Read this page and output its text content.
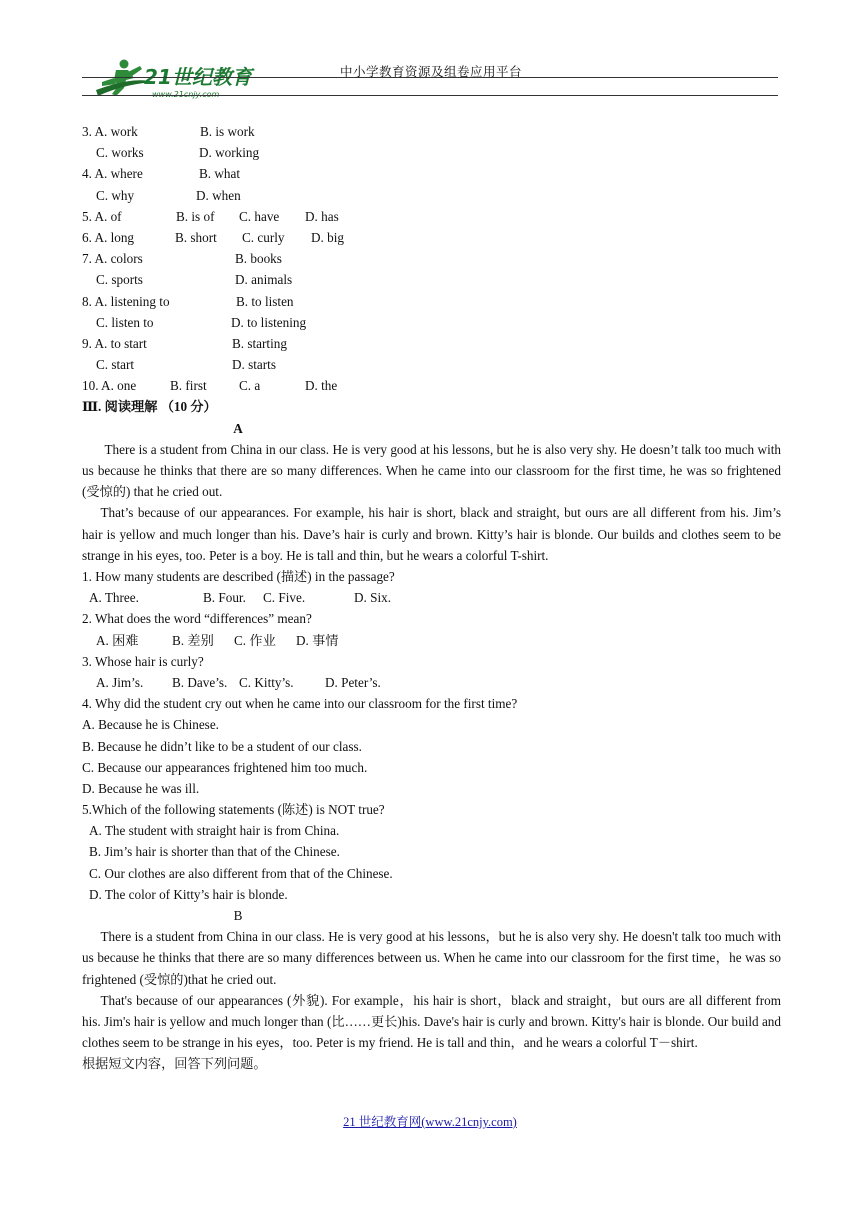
21世纪教育
www.21cnjy.com
中小学教育资源及组卷应用平台
3. A. work	B. is work
C. works	D. working
4. A. where	B. what
C. why	D. when
5. A. of	B. is of C. have D. has
6. A. long	B. short C. curly D. big
7. A. colors	B. books
C. sports	D. animals
8. A. listening to	B. to listen
C. listen to	D. to listening
9. A. to start	B. starting
C. start	D. starts
10. A. one	B. first C. a	D. the
Ⅲ. 阅读理解 （10 分）
A

There is a student from China in our class. He is very good at his lessons, but he is also very shy. He doesn’t talk too much with us because he thinks that there are so many differences. When he came into our classroom for the first time, he was so frightened (受惊的) that he cried out.

That’s because of our appearances. For example, his hair is short, black and straight, but ours are all different from his. Jim’s hair is yellow and much longer than his. Dave’s hair is curly and brown. Kitty’s hair is blonde. Our builds and clothes seem to be strange in his eyes, too. Peter is a boy. He is tall and thin, but he wears a colorful T-shirt.

1. How many students are described (描述) in the passage?
A. Three.	B. Four. C. Five.	D. Six.
2. What does the word “differences” mean?
A. 困难	B. 差别 C. 作业 D. 事情
3. Whose hair is curly?
A. Jim’s. B. Dave’s. C. Kitty’s. D. Peter’s.
4. Why did the student cry out when he came into our classroom for the first time?
A. Because he is Chinese.
B. Because he didn’t like to be a student of our class.
C. Because our appearances frightened him too much.
D. Because he was ill.
5.Which of the following statements (陈述) is NOT true?
A. The student with straight hair is from China.
B. Jim’s hair is shorter than that of the Chinese.
C. Our clothes are also different from that of the Chinese.
D. The color of Kitty’s hair is blonde.
B

There is a student from China in our class. He is very good at his lessons，but he is also very shy. He doesn't talk too much with us because he thinks that there are so many differences between us. When he came into our classroom for the first time，he was so frightened (受惊的)that he cried out.

That's because of our appearances (外貌). For example，his hair is short，black and straight，but ours are all different from his. Jim's hair is yellow and much longer than (比……更长)his. Dave's hair is curly and brown. Kitty's hair is blonde. Our build and clothes seem to be strange in his eyes，too. Peter is my friend. He is tall and thin，and he wears a colorful T－shirt.

根据短文内容，回答下列问题。
21 世纪教育网(www.21cnjy.com)
